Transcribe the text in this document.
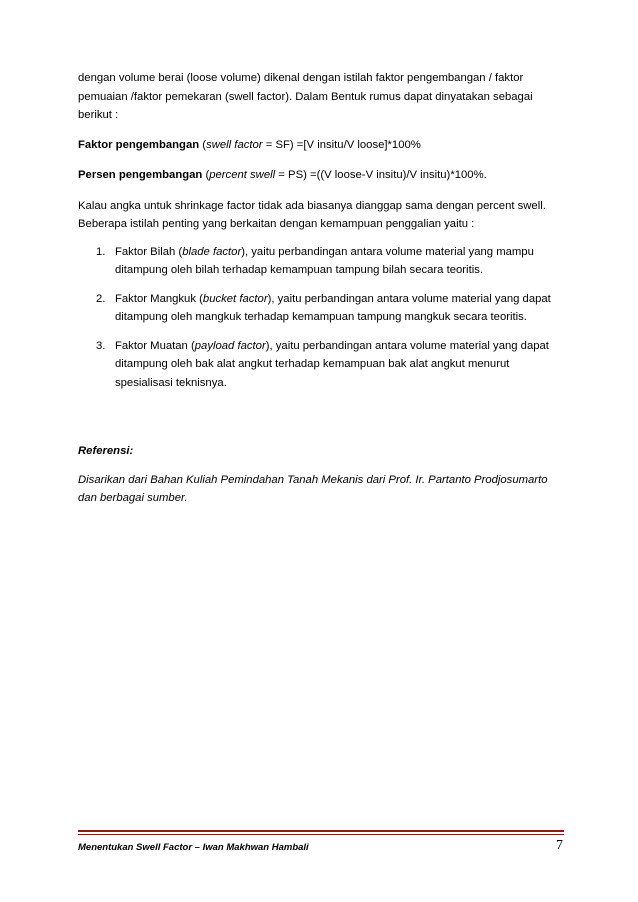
dengan volume berai (loose volume) dikenal dengan istilah faktor pengembangan / faktor pemuaian /faktor pemekaran (swell factor). Dalam Bentuk rumus dapat dinyatakan sebagai berikut :

Faktor pengembangan (swell factor = SF) =[V insitu/V loose]*100%

Persen pengembangan (percent swell = PS) =((V loose-V insitu)/V insitu)*100%.

Kalau angka untuk shrinkage factor tidak ada biasanya dianggap sama dengan percent swell.

Beberapa istilah penting yang berkaitan dengan kemampuan penggalian yaitu :

1. Faktor Bilah (blade factor), yaitu perbandingan antara volume material yang mampu ditampung oleh bilah terhadap kemampuan tampung bilah secara teoritis.
2. Faktor Mangkuk (bucket factor), yaitu perbandingan antara volume material yang dapat ditampung oleh mangkuk terhadap kemampuan tampung mangkuk secara teoritis.
3. Faktor Muatan (payload factor), yaitu perbandingan antara volume material yang dapat ditampung oleh bak alat angkut terhadap kemampuan bak alat angkut menurut spesialisasi teknisnya.

Referensi:

Disarikan dari Bahan Kuliah Pemindahan Tanah Mekanis dari Prof. Ir. Partanto Prodjosumarto dan berbagai sumber.

Menentukan Swell Factor – Iwan Makhwan Hambali	7
